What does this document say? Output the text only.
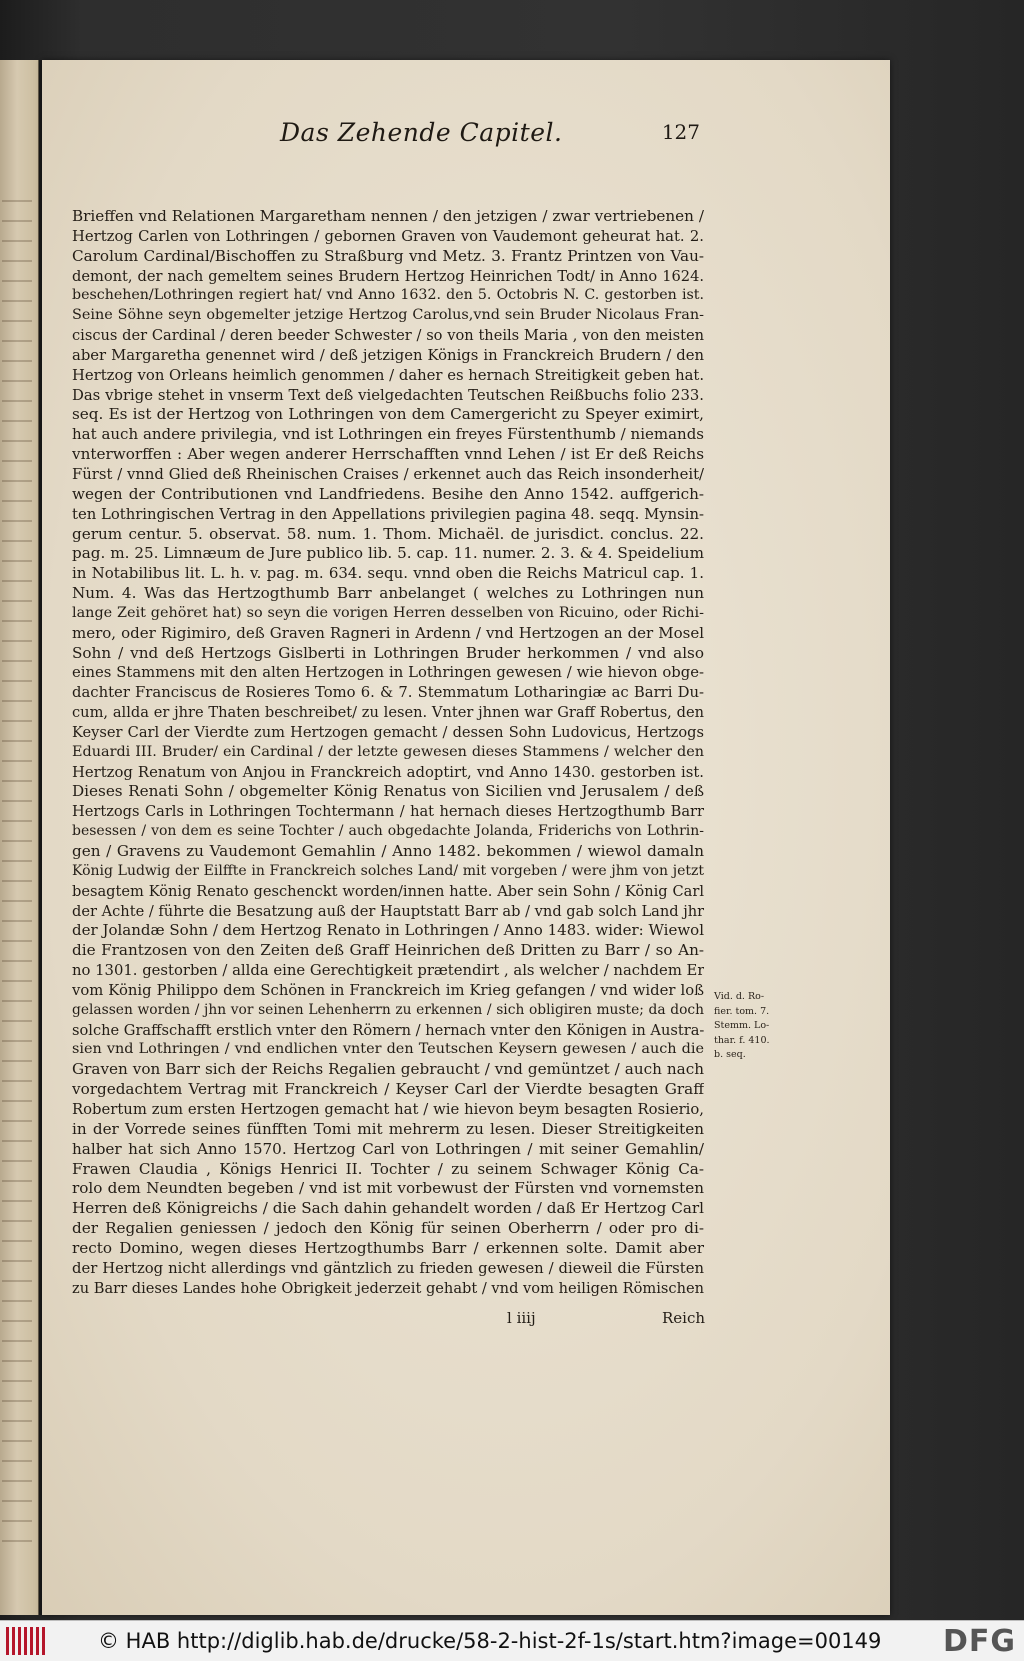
Das Zehende Capitel.	127
Brieffen vnd Relationen Margaretham nennen / den jetzigen / zwar vertriebenen /
Hertzog Carlen von Lothringen / gebornen Graven von Vaudemont geheurat hat. 2.
Carolum Cardinal/Bischoffen zu Straßburg vnd Metz. 3. Frantz Printzen von Vau-
demont, der nach gemeltem seines Brudern Hertzog Heinrichen Todt/ in Anno 1624.
beschehen/Lothringen regiert hat/ vnd Anno 1632. den 5. Octobris N. C. gestorben ist.
Seine Söhne seyn obgemelter jetzige Hertzog Carolus,vnd sein Bruder Nicolaus Fran-
ciscus der Cardinal / deren beeder Schwester / so von theils Maria , von den meisten
aber Margaretha genennet wird / deß jetzigen Königs in Franckreich Brudern / den
Hertzog von Orleans heimlich genommen / daher es hernach Streitigkeit geben hat.
Das vbrige stehet in vnserm Text deß vielgedachten Teutschen Reißbuchs folio 233.
seq. Es ist der Hertzog von Lothringen von dem Camergericht zu Speyer eximirt,
hat auch andere privilegia, vnd ist Lothringen ein freyes Fürstenthumb / niemands
vnterworffen : Aber wegen anderer Herrschafften vnnd Lehen / ist Er deß Reichs
Fürst / vnnd Glied deß Rheinischen Craises / erkennet auch das Reich insonderheit/
wegen der Contributionen vnd Landfriedens. Besihe den Anno 1542. auffgerich-
ten Lothringischen Vertrag in den Appellations privilegien pagina 48. seqq. Mynsin-
gerum centur. 5. observat. 58. num. 1. Thom. Michaël. de jurisdict. conclus. 22.
pag. m. 25. Limnæum de Jure publico lib. 5. cap. 11. numer. 2. 3. & 4. Speidelium
in Notabilibus lit. L. h. v. pag. m. 634. sequ. vnnd oben die Reichs Matricul cap. 1.
Num. 4. Was das Hertzogthumb Barr anbelanget ( welches zu Lothringen nun
lange Zeit gehöret hat) so seyn die vorigen Herren desselben von Ricuino, oder Richi-
mero, oder Rigimiro, deß Graven Ragneri in Ardenn / vnd Hertzogen an der Mosel
Sohn / vnd deß Hertzogs Gislberti in Lothringen Bruder herkommen / vnd also
eines Stammens mit den alten Hertzogen in Lothringen gewesen / wie hievon obge-
dachter Franciscus de Rosieres Tomo 6. & 7. Stemmatum Lotharingiæ ac Barri Du-
cum, allda er jhre Thaten beschreibet/ zu lesen. Vnter jhnen war Graff Robertus, den
Keyser Carl der Vierdte zum Hertzogen gemacht / dessen Sohn Ludovicus, Hertzogs
Eduardi III. Bruder/ ein Cardinal / der letzte gewesen dieses Stammens / welcher den
Hertzog Renatum von Anjou in Franckreich adoptirt, vnd Anno 1430. gestorben ist.
Dieses Renati Sohn / obgemelter König Renatus von Sicilien vnd Jerusalem / deß
Hertzogs Carls in Lothringen Tochtermann / hat hernach dieses Hertzogthumb Barr
besessen / von dem es seine Tochter / auch obgedachte Jolanda, Friderichs von Lothrin-
gen / Gravens zu Vaudemont Gemahlin / Anno 1482. bekommen / wiewol damaln
König Ludwig der Eilffte in Franckreich solches Land/ mit vorgeben / were jhm von jetzt
besagtem König Renato geschenckt worden/innen hatte. Aber sein Sohn / König Carl
der Achte / führte die Besatzung auß der Hauptstatt Barr ab / vnd gab solch Land jhr
der Jolandæ Sohn / dem Hertzog Renato in Lothringen / Anno 1483. wider: Wiewol
die Frantzosen von den Zeiten deß Graff Heinrichen deß Dritten zu Barr / so An-
no 1301. gestorben / allda eine Gerechtigkeit prætendirt , als welcher / nachdem Er
vom König Philippo dem Schönen in Franckreich im Krieg gefangen / vnd wider loß
gelassen worden / jhn vor seinen Lehenherrn zu erkennen / sich obligiren muste; da doch
solche Graffschafft erstlich vnter den Römern / hernach vnter den Königen in Austra-
sien vnd Lothringen / vnd endlichen vnter den Teutschen Keysern gewesen / auch die
Graven von Barr sich der Reichs Regalien gebraucht / vnd gemüntzet / auch nach
vorgedachtem Vertrag mit Franckreich / Keyser Carl der Vierdte besagten Graff
Robertum zum ersten Hertzogen gemacht hat / wie hievon beym besagten Rosierio,
in der Vorrede seines fünfften Tomi mit mehrerm zu lesen. Dieser Streitigkeiten
halber hat sich Anno 1570. Hertzog Carl von Lothringen / mit seiner Gemahlin/
Frawen Claudia , Königs Henrici II. Tochter / zu seinem Schwager König Ca-
rolo dem Neundten begeben / vnd ist mit vorbewust der Fürsten vnd vornemsten
Herren deß Königreichs / die Sach dahin gehandelt worden / daß Er Hertzog Carl
der Regalien geniessen / jedoch den König für seinen Oberherrn / oder pro di-
recto Domino, wegen dieses Hertzogthumbs Barr / erkennen solte. Damit aber
der Hertzog nicht allerdings vnd gäntzlich zu frieden gewesen / dieweil die Fürsten
zu Barr dieses Landes hohe Obrigkeit jederzeit gehabt / vnd vom heiligen Römischen
Vid. d. Ro-
fier. tom. 7.
Stemm. Lo-
thar. f. 410.
b. seq.
l iiij	Reich
© HAB http://diglib.hab.de/drucke/58-2-hist-2f-1s/start.htm?image=00149 DFG
